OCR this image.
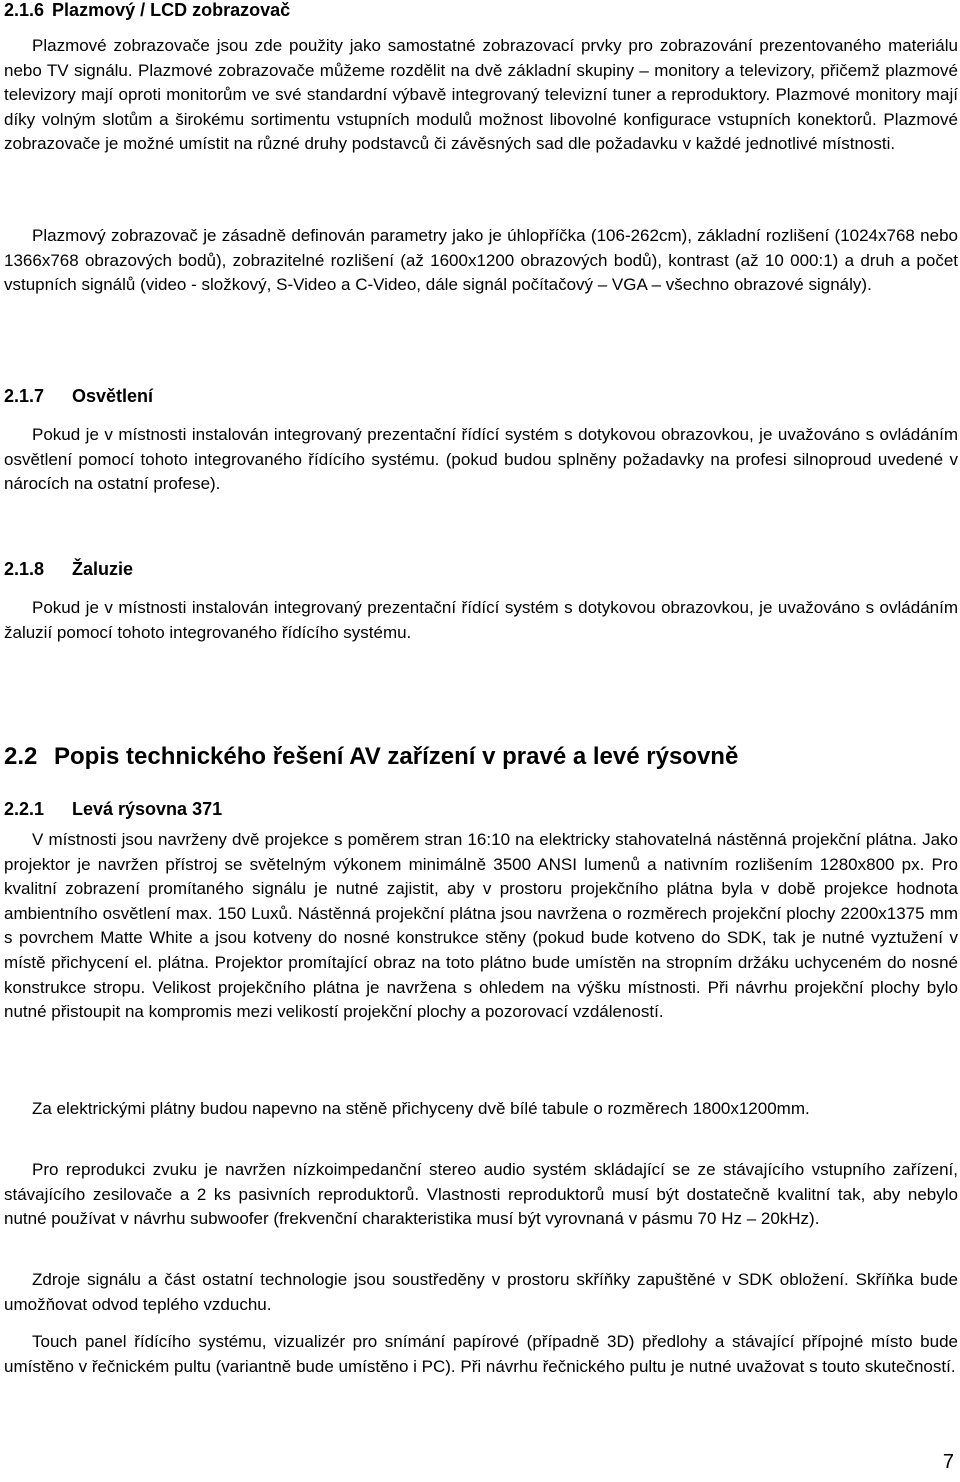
2.1.6 Plazmový / LCD zobrazovač

Plazmové zobrazovače jsou zde použity jako samostatné zobrazovací prvky pro zobrazování prezentovaného materiálu nebo TV signálu. Plazmové zobrazovače můžeme rozdělit na dvě základní skupiny – monitory a televizory, přičemž plazmové televizory mají oproti monitorům ve své standardní výbavě integrovaný televizní tuner a reproduktory. Plazmové monitory mají díky volným slotům a širokému sortimentu vstupních modulů možnost libovolné konfigurace vstupních konektorů. Plazmové zobrazovače je možné umístit na různé druhy podstavců či závěsných sad dle požadavku v každé jednotlivé místnosti.

Plazmový zobrazovač je zásadně definován parametry jako je úhlopříčka (106-262cm), základní rozlišení (1024x768 nebo 1366x768 obrazových bodů), zobrazitelné rozlišení (až 1600x1200 obrazových bodů), kontrast (až 10 000:1) a druh a počet vstupních signálů (video - složkový, S-Video a C-Video, dále signál počítačový – VGA – všechno obrazové signály).

2.1.7 Osvětlení

Pokud je v místnosti instalován integrovaný prezentační řídící systém s dotykovou obrazovkou, je uvažováno s ovládáním osvětlení pomocí tohoto integrovaného řídícího systému. (pokud budou splněny požadavky na profesi silnoproud uvedené v nárocích na ostatní profese).

2.1.8 Žaluzie

Pokud je v místnosti instalován integrovaný prezentační řídící systém s dotykovou obrazovkou, je uvažováno s ovládáním žaluzií pomocí tohoto integrovaného řídícího systému.

2.2 Popis technického řešení AV zařízení v pravé a levé rýsovně
2.2.1 Levá rýsovna 371

V místnosti jsou navrženy dvě projekce s poměrem stran 16:10 na elektricky stahovatelná nástěnná projekční plátna. Jako projektor je navržen přístroj se světelným výkonem minimálně 3500 ANSI lumenů a nativním rozlišením 1280x800 px. Pro kvalitní zobrazení promítaného signálu je nutné zajistit, aby v prostoru projekčního plátna byla v době projekce hodnota ambientního osvětlení max. 150 Luxů. Nástěnná projekční plátna jsou navržena o rozměrech projekční plochy 2200x1375 mm s povrchem Matte White a jsou kotveny do nosné konstrukce stěny (pokud bude kotveno do SDK, tak je nutné vyztužení v místě přichycení el. plátna. Projektor promítající obraz na toto plátno bude umístěn na stropním držáku uchyceném do nosné konstrukce stropu. Velikost projekčního plátna je navržena s ohledem na výšku místnosti. Při návrhu projekční plochy bylo nutné přistoupit na kompromis mezi velikostí projekční plochy a pozorovací vzdáleností.

Za elektrickými plátny budou napevno na stěně přichyceny dvě bílé tabule o rozměrech 1800x1200mm.

Pro reprodukci zvuku je navržen nízkoimpedanční stereo audio systém skládající se ze stávajícího vstupního zařízení, stávajícího zesilovače a 2 ks pasivních reproduktorů. Vlastnosti reproduktorů musí být dostatečně kvalitní tak, aby nebylo nutné používat v návrhu subwoofer (frekvenční charakteristika musí být vyrovnaná v pásmu 70 Hz – 20kHz).

Zdroje signálu a část ostatní technologie jsou soustředěny v prostoru skříňky zapuštěné v SDK obložení. Skříňka bude umožňovat odvod teplého vzduchu.

Touch panel řídícího systému, vizualizér pro snímání papírové (případně 3D) předlohy a stávající přípojné místo bude umístěno v řečnickém pultu (variantně bude umístěno i PC). Při návrhu řečnického pultu je nutné uvažovat s touto skutečností.

7
